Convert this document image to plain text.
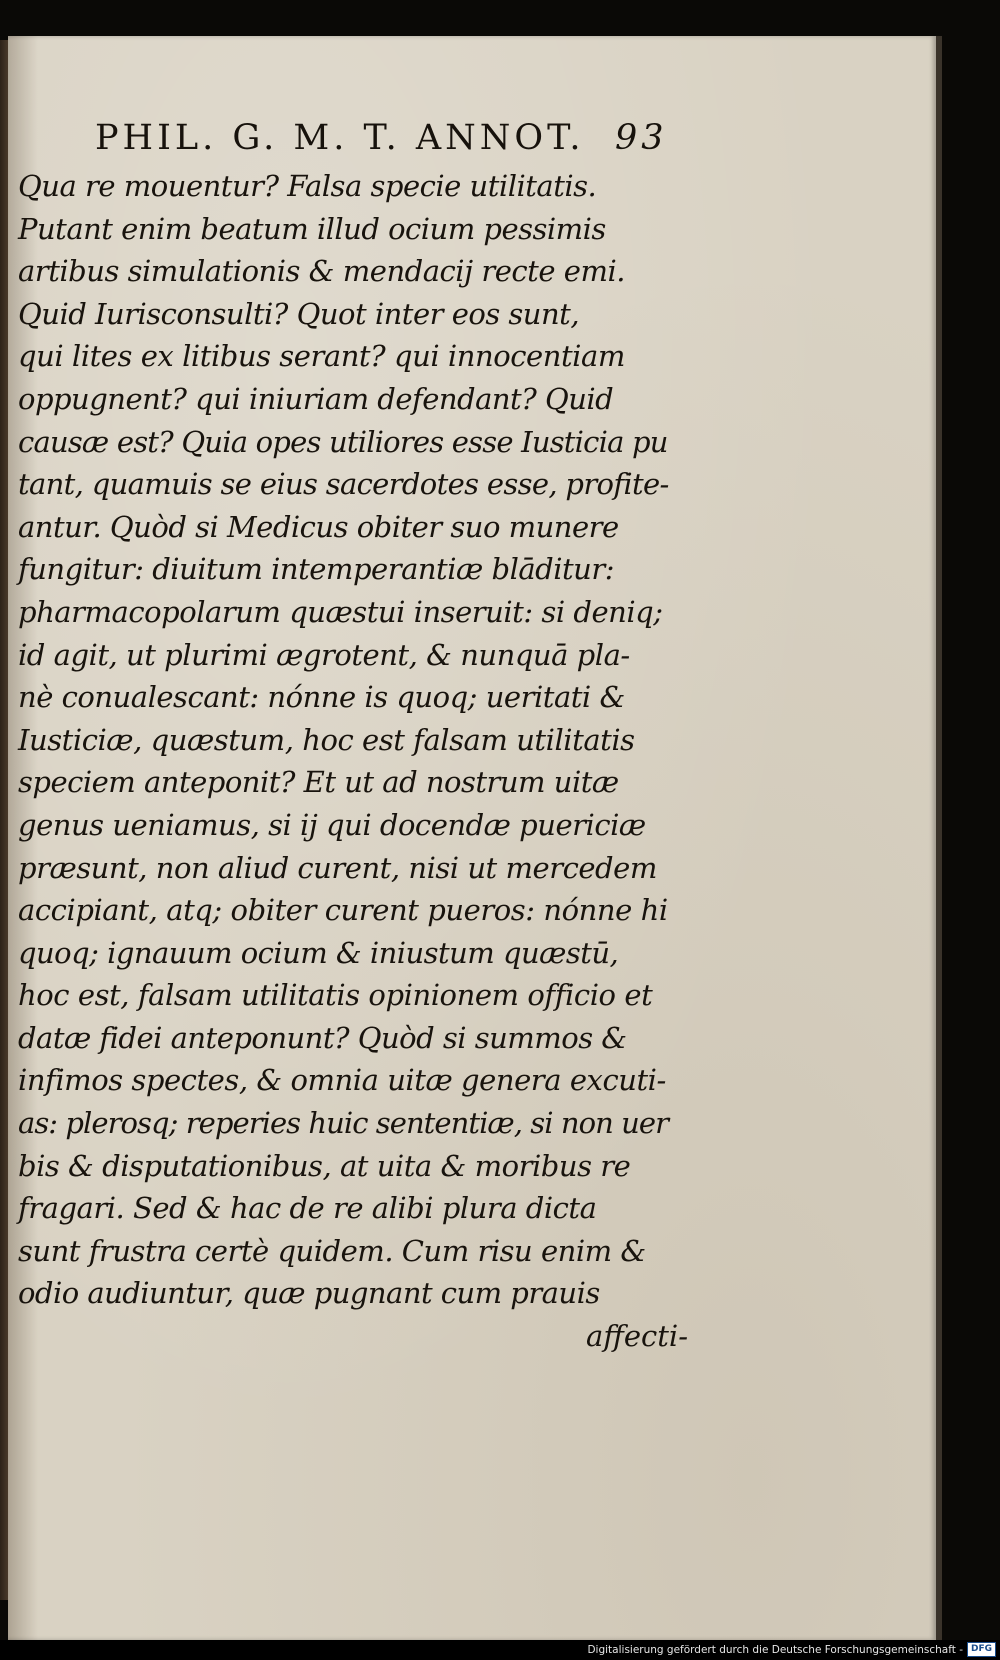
PHIL. G. M. T. ANNOT. 93
Qua re mouentur? Falsa specie utilitatis.
Putant enim beatum illud ocium pessimis
artibus simulationis & mendacij recte emi.
Quid Iurisconsulti? Quot inter eos sunt,
qui lites ex litibus serant? qui innocentiam
oppugnent? qui iniuriam defendant? Quid
causæ est? Quia opes utiliores esse Iusticia pu
tant, quamuis se eius sacerdotes esse, profite-
antur. Quòd si Medicus obiter suo munere
fungitur: diuitum intemperantiæ blāditur:
pharmacopolarum quæstui inseruit: si deniq;
id agit, ut plurimi ægrotent, & nunquā pla-
nè conualescant: nónne is quoq; ueritati &
Iusticiæ, quæstum, hoc est falsam utilitatis
speciem anteponit? Et ut ad nostrum uitæ
genus ueniamus, si ij qui docendæ puericiæ
præsunt, non aliud curent, nisi ut mercedem
accipiant, atq; obiter curent pueros: nónne hi
quoq; ignauum ocium & iniustum quæstū,
hoc est, falsam utilitatis opinionem officio et
datæ fidei anteponunt? Quòd si summos &
infimos spectes, & omnia uitæ genera excuti-
as: plerosq; reperies huic sententiæ, si non uer
bis & disputationibus, at uita & moribus re
fragari. Sed & hac de re alibi plura dicta
sunt frustra certè quidem. Cum risu enim &
odio audiuntur, quæ pugnant cum prauis
affecti-
Digitalisierung gefördert durch die Deutsche Forschungsgemeinschaft - DFG
